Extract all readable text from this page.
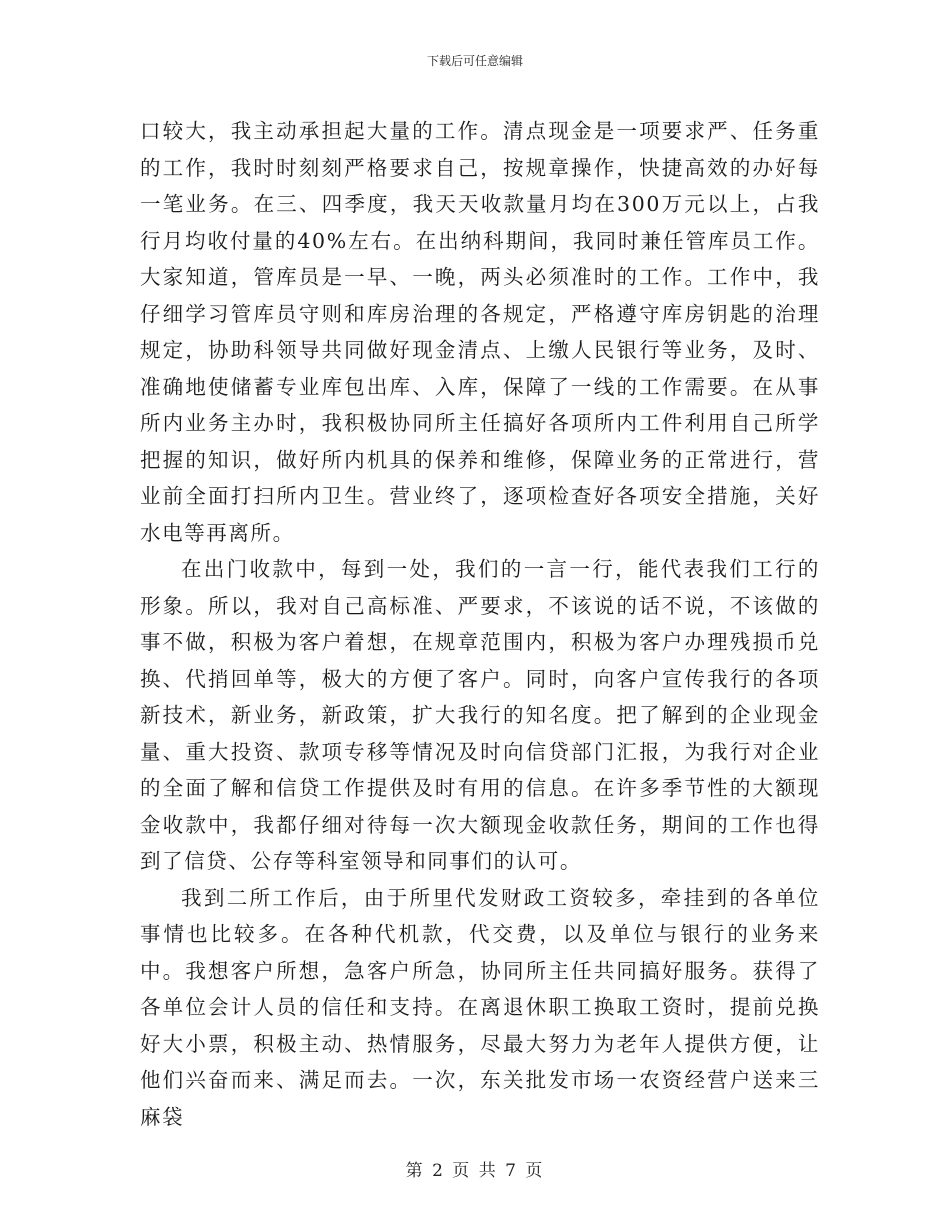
下载后可任意编辑

口较大，我主动承担起大量的工作。清点现金是一项要求严、任务重的工作，我时时刻刻严格要求自己，按规章操作，快捷高效的办好每一笔业务。在三、四季度，我天天收款量月均在300万元以上，占我行月均收付量的40%左右。在出纳科期间，我同时兼任管库员工作。大家知道，管库员是一早、一晚，两头必须准时的工作。工作中，我仔细学习管库员守则和库房治理的各规定，严格遵守库房钥匙的治理规定，协助科领导共同做好现金清点、上缴人民银行等业务，及时、准确地使储蓄专业库包出库、入库，保障了一线的工作需要。在从事所内业务主办时，我积极协同所主任搞好各项所内工件利用自己所学把握的知识，做好所内机具的保养和维修，保障业务的正常进行，营业前全面打扫所内卫生。营业终了，逐项检查好各项安全措施，关好水电等再离所。

在出门收款中，每到一处，我们的一言一行，能代表我们工行的形象。所以，我对自己高标准、严要求，不该说的话不说，不该做的事不做，积极为客户着想，在规章范围内，积极为客户办理残损币兑换、代捎回单等，极大的方便了客户。同时，向客户宣传我行的各项新技术，新业务，新政策，扩大我行的知名度。把了解到的企业现金量、重大投资、款项专移等情况及时向信贷部门汇报，为我行对企业的全面了解和信贷工作提供及时有用的信息。在许多季节性的大额现金收款中，我都仔细对待每一次大额现金收款任务，期间的工作也得到了信贷、公存等科室领导和同事们的认可。

我到二所工作后，由于所里代发财政工资较多，牵挂到的各单位事情也比较多。在各种代机款，代交费，以及单位与银行的业务来中。我想客户所想，急客户所急，协同所主任共同搞好服务。获得了各单位会计人员的信任和支持。在离退休职工换取工资时，提前兑换好大小票，积极主动、热情服务，尽最大努力为老年人提供方便，让他们兴奋而来、满足而去。一次，东关批发市场一农资经营户送来三麻袋

第 2 页 共 7 页
